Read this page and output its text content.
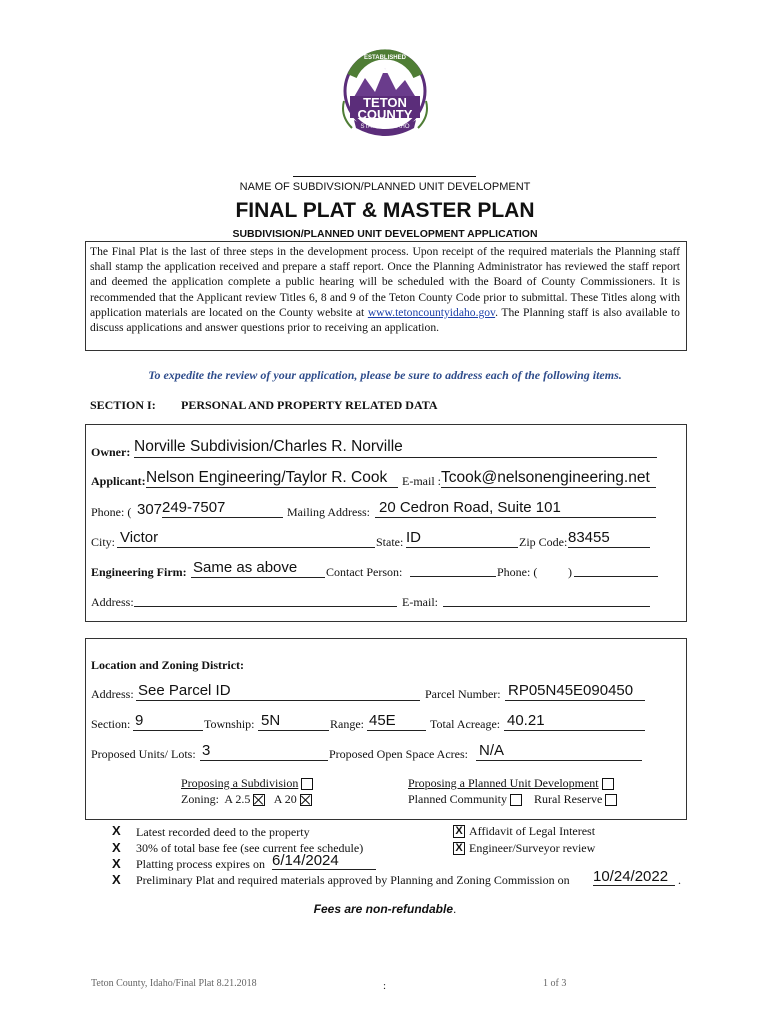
ESTABLISHED 1915
TETON
COUNTY
STATE OF IDAHO
NAME OF SUBDIVSION/PLANNED UNIT DEVELOPMENT
FINAL PLAT & MASTER PLAN
SUBDIVISION/PLANNED UNIT DEVELOPMENT APPLICATION
The Final Plat is the last of three steps in the development process. Upon receipt of the required materials the Planning staff shall stamp the application received and prepare a staff report. Once the Planning Administrator has reviewed the staff report and deemed the application complete a public hearing will be scheduled with the Board of County Commissioners. It is recommended that the Applicant review Titles 6, 8 and 9 of the Teton County Code prior to submittal. These Titles along with application materials are located on the County website at www.tetoncountyidaho.gov. The Planning staff is also available to discuss applications and answer questions prior to receiving an application.
To expedite the review of your application, please be sure to address each of the following items.
SECTION I: PERSONAL AND PROPERTY RELATED DATA
Owner: Norville Subdivision/Charles R. Norville
Applicant: Nelson Engineering/Taylor R. Cook	E-mail : Tcook@nelsonengineering.net
Phone: ( 307 249-7507	Mailing Address: 20 Cedron Road, Suite 101
City: Victor	State: ID	Zip Code: 83455
Engineering Firm: Same as above	Contact Person:	Phone: (	)
Address:	E-mail:
Location and Zoning District:
Address: See Parcel ID	Parcel Number: RP05N45E090450
Section: 9	Township: 5N	Range: 45E	Total Acreage: 40.21
Proposed Units/ Lots: 3	Proposed Open Space Acres: N/A
Proposing a Subdivision
Zoning: A 2.5 A 20
Proposing a Planned Unit Development
Planned Community Rural Reserve
X Latest recorded deed to the property
X 30% of total base fee (see current fee schedule)
X Platting process expires on 6/14/2024
X Preliminary Plat and required materials approved by Planning and Zoning Commission on 10/24/2022 .
X Affidavit of Legal Interest
X Engineer/Surveyor review
Fees are non-refundable.
Teton County, Idaho/Final Plat 8.21.2018	:	1 of 3
